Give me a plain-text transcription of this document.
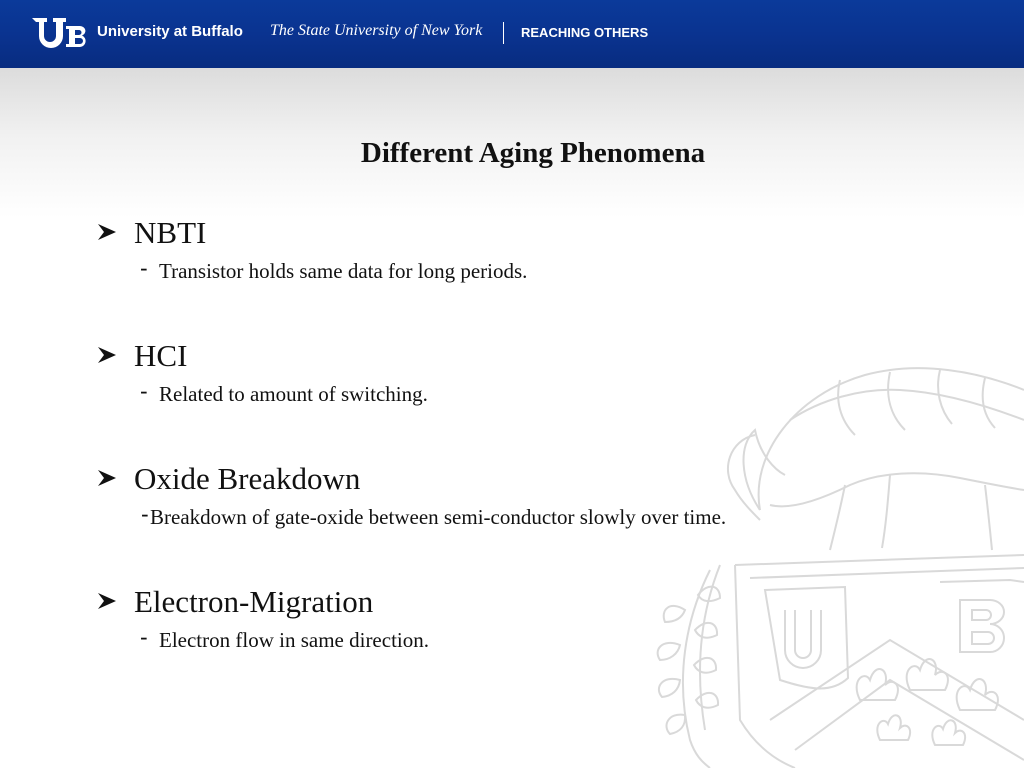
University at Buffalo The State University of New York	REACHING OTHERS
Different Aging Phenomena
NBTI
- Transistor holds same data for long periods.
HCI
- Related to amount of switching.
Oxide Breakdown
- Breakdown of gate-oxide between semi-conductor slowly over time.
Electron-Migration
- Electron flow in same direction.
